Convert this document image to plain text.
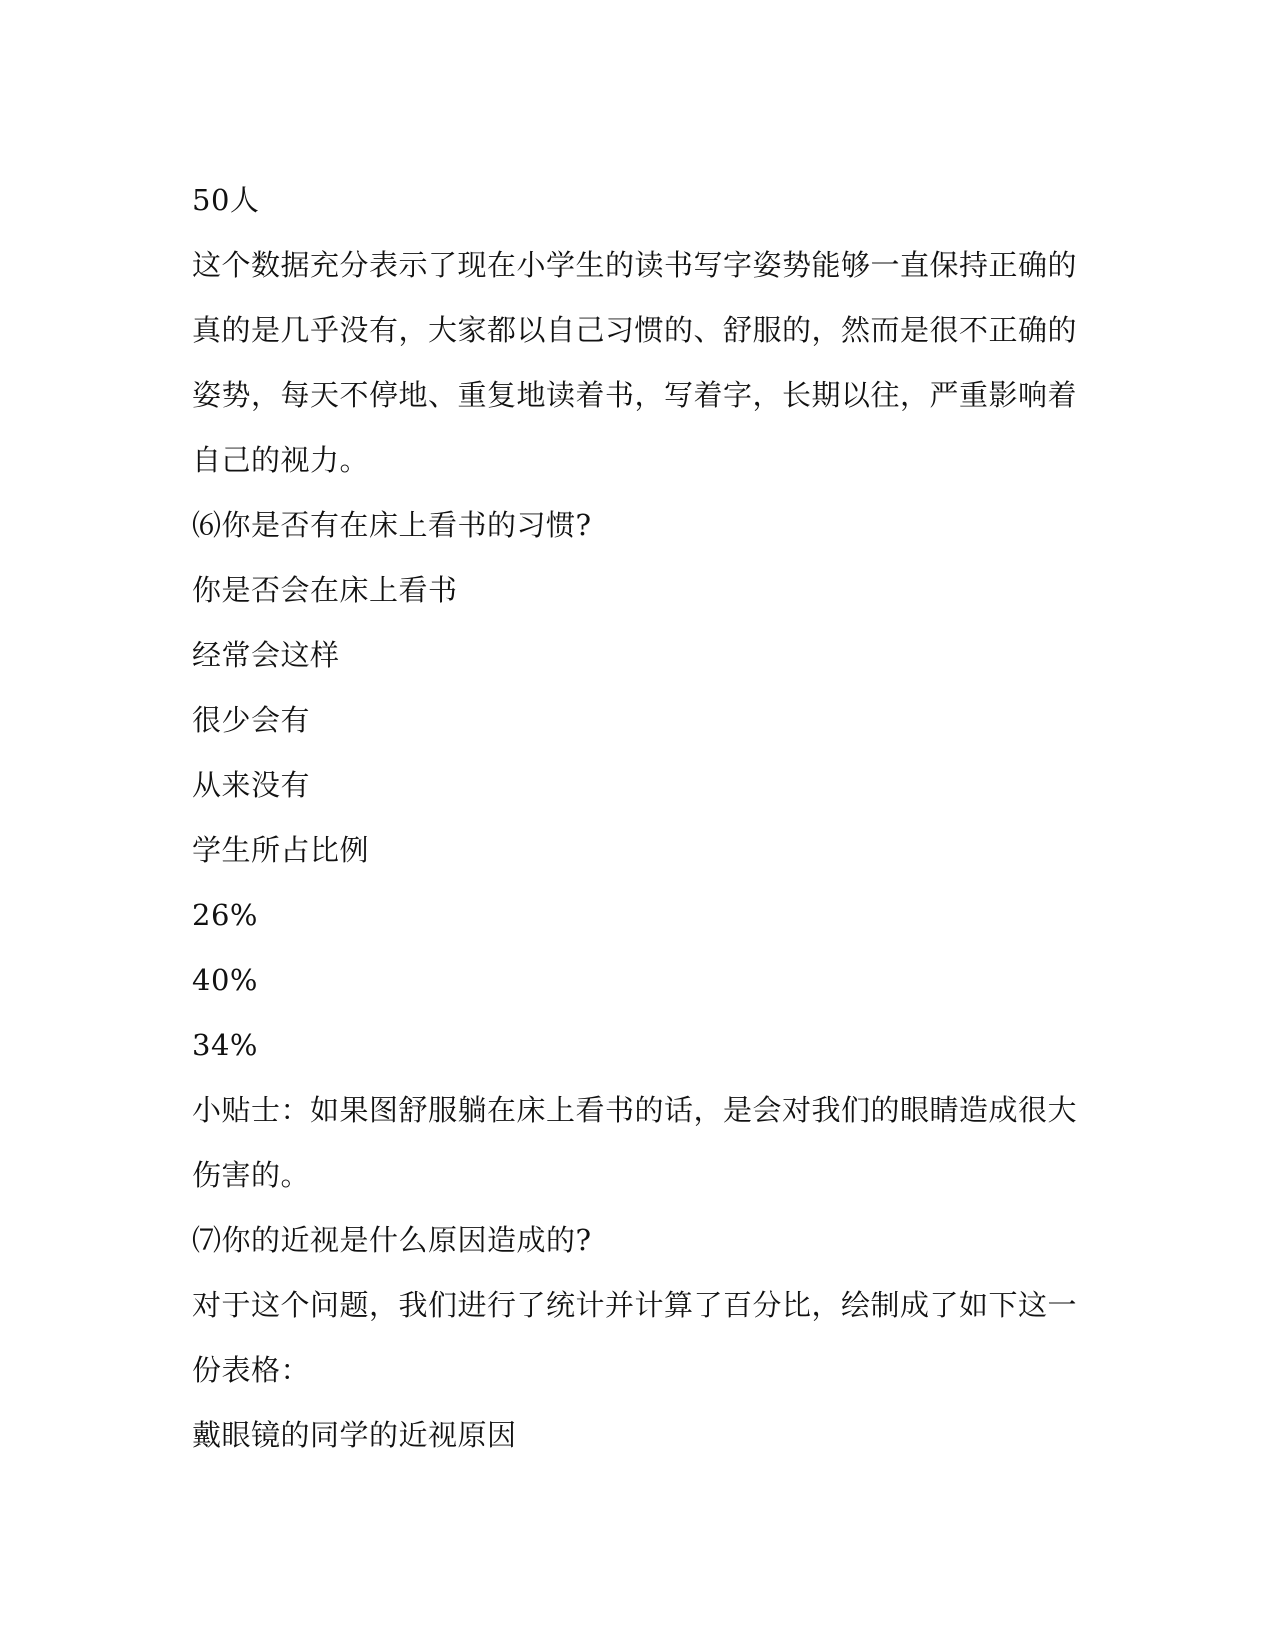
50人
这个数据充分表示了现在小学生的读书写字姿势能够一直保持正确的
真的是几乎没有，大家都以自己习惯的、舒服的，然而是很不正确的
姿势，每天不停地、重复地读着书，写着字，长期以往，严重影响着
自己的视力。
⑹你是否有在床上看书的习惯?
你是否会在床上看书
经常会这样
很少会有
从来没有
学生所占比例
26%
40%
34%
小贴士：如果图舒服躺在床上看书的话，是会对我们的眼睛造成很大
伤害的。
⑺你的近视是什么原因造成的?
对于这个问题，我们进行了统计并计算了百分比，绘制成了如下这一
份表格：
戴眼镜的同学的近视原因
